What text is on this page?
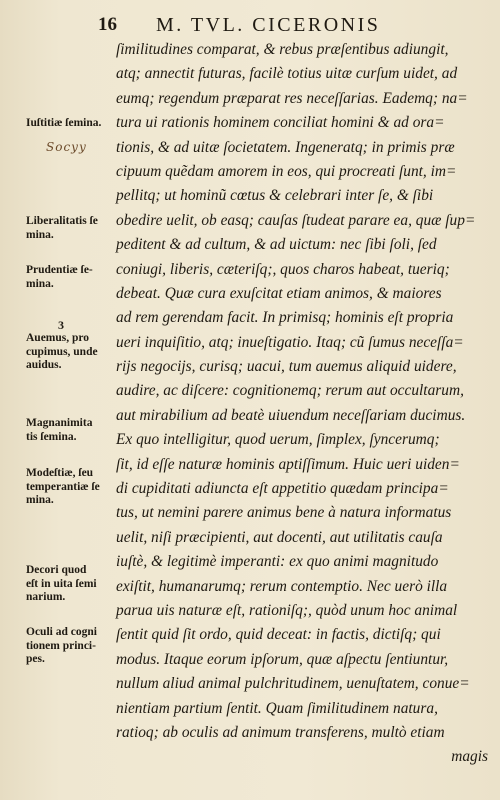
16 M. TVL. CICERONIS
ſimilitudines comparat, & rebus præſentibus adiungit,
atq; annectit futuras, facilè totius uitæ curſum uidet, ad
eumq; regendum præparat res neceſſarias. Eademq; na=
tura ui rationis hominem conciliat homini & ad ora=
tionis, & ad uitæ ſocietatem. Ingeneratq; in primis præ
cipuum quẽdam amorem in eos, qui procreati ſunt, im=
pellitq; ut hominũ cœtus & celebrari inter ſe, & ſibi
obedire uelit, ob easq; cauſas ſtudeat parare ea, quæ ſup=
peditent & ad cultum, & ad uictum: nec ſibi ſoli, ſed
coniugi, liberis, cæteriſq;, quos charos habeat, tueriq;
debeat. Quæ cura exuſcitat etiam animos, & maiores
ad rem gerendam facit. In primisq; hominis eſt propria
ueri inquiſitio, atq; inueſtigatio. Itaq; cũ ſumus neceſſa=
rijs negocijs, curisq; uacui, tum auemus aliquid uidere,
audire, ac diſcere: cognitionemq; rerum aut occultarum,
aut mirabilium ad beatè uiuendum neceſſariam ducimus.
Ex quo intelligitur, quod uerum, ſimplex, ſyncerumq;
ſit, id eſſe naturæ hominis aptiſſimum. Huic ueri uiden=
di cupiditati adiuncta eſt appetitio quædam principa=
tus, ut nemini parere animus bene à natura informatus
uelit, niſi præcipienti, aut docenti, aut utilitatis cauſa
iuſtè, & legitimè imperanti: ex quo animi magnitudo
exiſtit, humanarumq; rerum contemptio. Nec uerò illa
parua uis naturæ eſt, rationiſq;, quòd unum hoc animal
ſentit quid ſit ordo, quid deceat: in factis, dictiſq; qui
modus. Itaque eorum ipſorum, quæ aſpectu ſentiuntur,
nullum aliud animal pulchritudinem, uenuſtatem, conue=
nientiam partium ſentit. Quam ſimilitudinem natura,
ratioq; ab oculis ad animum transferens, multò etiam
magis
Iuſtitiæ ſemina.
Socyy
Liberalitatis ſe
mina.
Prudentiæ ſe-
mina.
3
Auemus, pro
cupimus, unde
auidus.
Magnanimita
tis ſemina.
Modeſtiæ, ſeu
temperantiæ ſe
mina.
Decori quod
eſt in uita ſemi
narium.
Oculi ad cogni
tionem princi-
pes.
